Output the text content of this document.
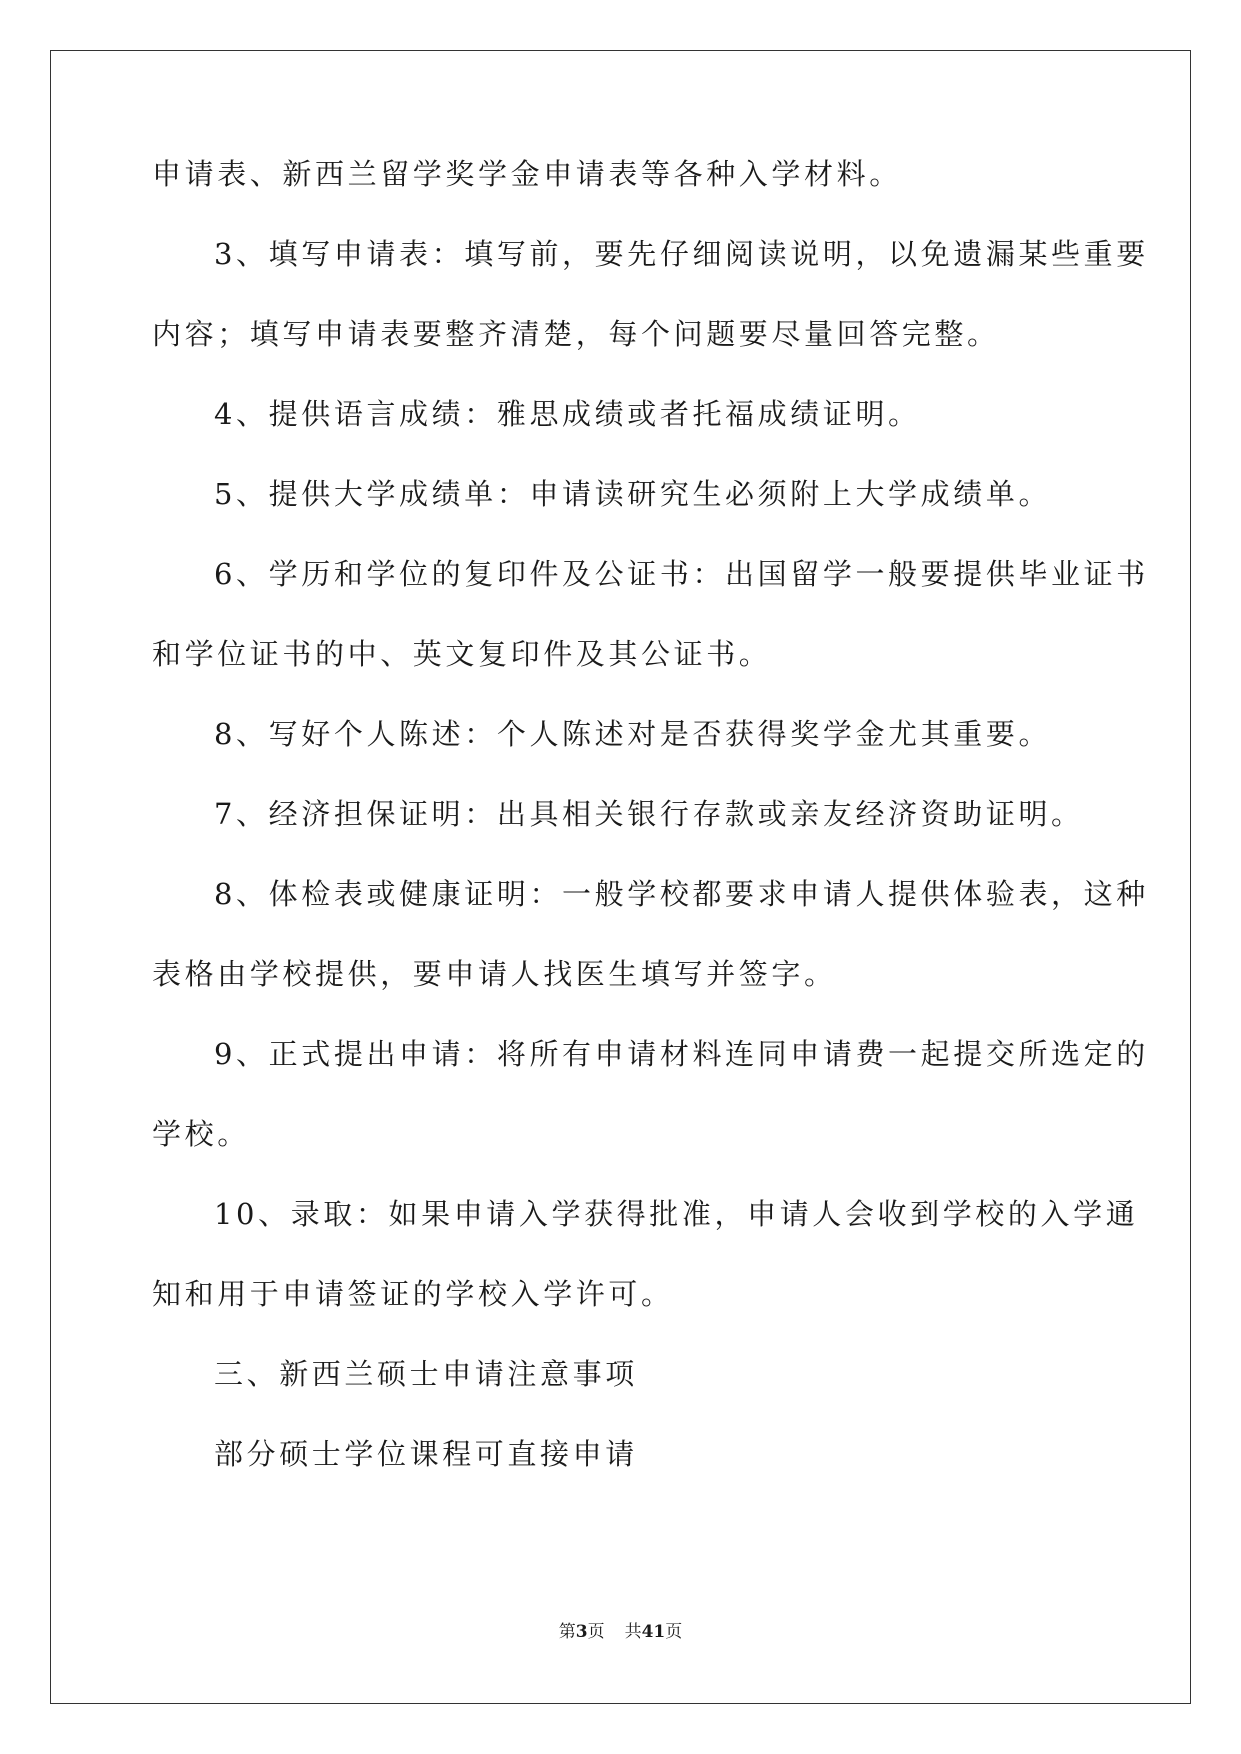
申请表、新西兰留学奖学金申请表等各种入学材料。
3、填写申请表：填写前，要先仔细阅读说明，以免遗漏某些重要
内容；填写申请表要整齐清楚，每个问题要尽量回答完整。
4、提供语言成绩：雅思成绩或者托福成绩证明。
5、提供大学成绩单：申请读研究生必须附上大学成绩单。
6、学历和学位的复印件及公证书：出国留学一般要提供毕业证书
和学位证书的中、英文复印件及其公证书。
8、写好个人陈述：个人陈述对是否获得奖学金尤其重要。
7、经济担保证明：出具相关银行存款或亲友经济资助证明。
8、体检表或健康证明：一般学校都要求申请人提供体验表，这种
表格由学校提供，要申请人找医生填写并签字。
9、正式提出申请：将所有申请材料连同申请费一起提交所选定的
学校。
10、录取：如果申请入学获得批准，申请人会收到学校的入学通
知和用于申请签证的学校入学许可。
三、新西兰硕士申请注意事项
部分硕士学位课程可直接申请
第3页 共41页
